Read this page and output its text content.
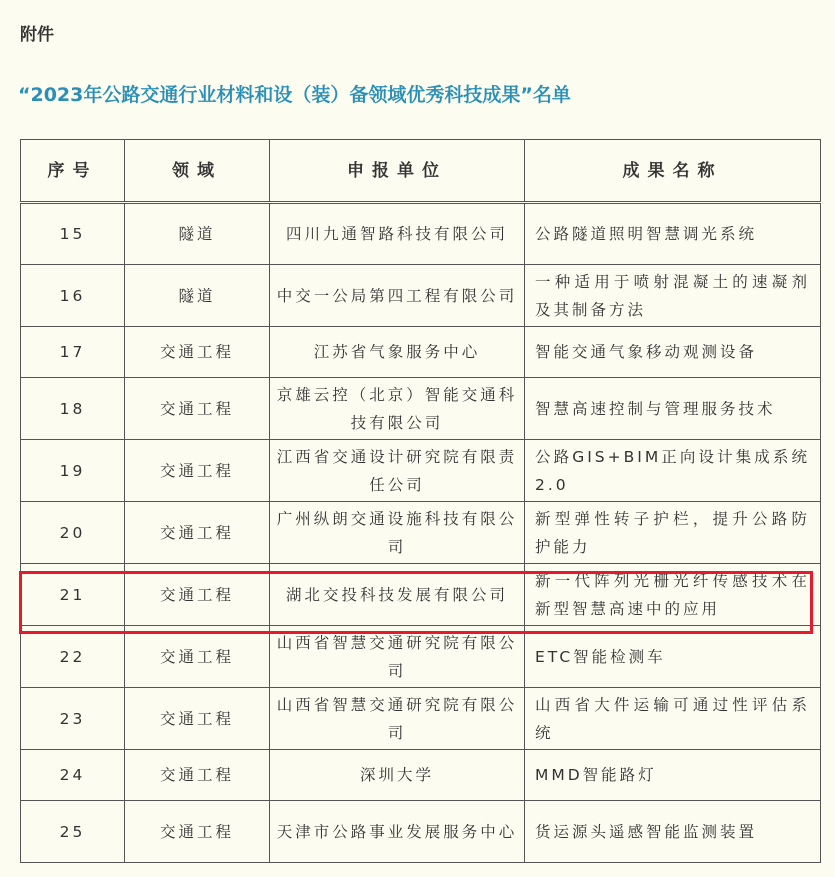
附件
“2023年公路交通行业材料和设（装）备领域优秀科技成果”名单
序号	领域	申报单位	成果名称
15	隧道	四川九通智路科技有限公司	公路隧道照明智慧调光系统
16	隧道	中交一公局第四工程有限公司	一种适用于喷射混凝土的速凝剂及其制备方法
17	交通工程	江苏省气象服务中心	智能交通气象移动观测设备
18	交通工程	京雄云控（北京）智能交通科技有限公司	智慧高速控制与管理服务技术
19	交通工程	江西省交通设计研究院有限责任公司	公路GIS+BIM正向设计集成系统2.0
20	交通工程	广州纵朗交通设施科技有限公司	新型弹性转子护栏，提升公路防护能力
21	交通工程	湖北交投科技发展有限公司	新一代阵列光栅光纤传感技术在新型智慧高速中的应用
22	交通工程	山西省智慧交通研究院有限公司	ETC智能检测车
23	交通工程	山西省智慧交通研究院有限公司	山西省大件运输可通过性评估系统
24	交通工程	深圳大学	MMD智能路灯
25	交通工程	天津市公路事业发展服务中心	货运源头遥感智能监测装置
